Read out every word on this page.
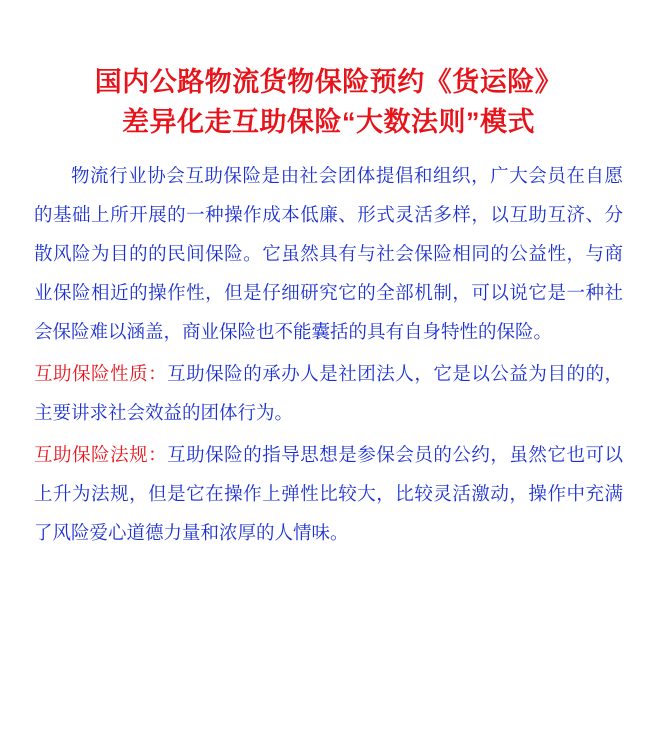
国内公路物流货物保险预约《货运险》
差异化走互助保险“大数法则”模式

物流行业协会互助保险是由社会团体提倡和组织，广大会员在自愿的基础上所开展的一种操作成本低廉、形式灵活多样，以互助互济、分散风险为目的的民间保险。它虽然具有与社会保险相同的公益性，与商业保险相近的操作性，但是仔细研究它的全部机制，可以说它是一种社会保险难以涵盖，商业保险也不能囊括的具有自身特性的保险。

互助保险性质：互助保险的承办人是社团法人，它是以公益为目的的，主要讲求社会效益的团体行为。

互助保险法规：互助保险的指导思想是参保会员的公约，虽然它也可以上升为法规，但是它在操作上弹性比较大，比较灵活激动，操作中充满了风险爱心道德力量和浓厚的人情味。
